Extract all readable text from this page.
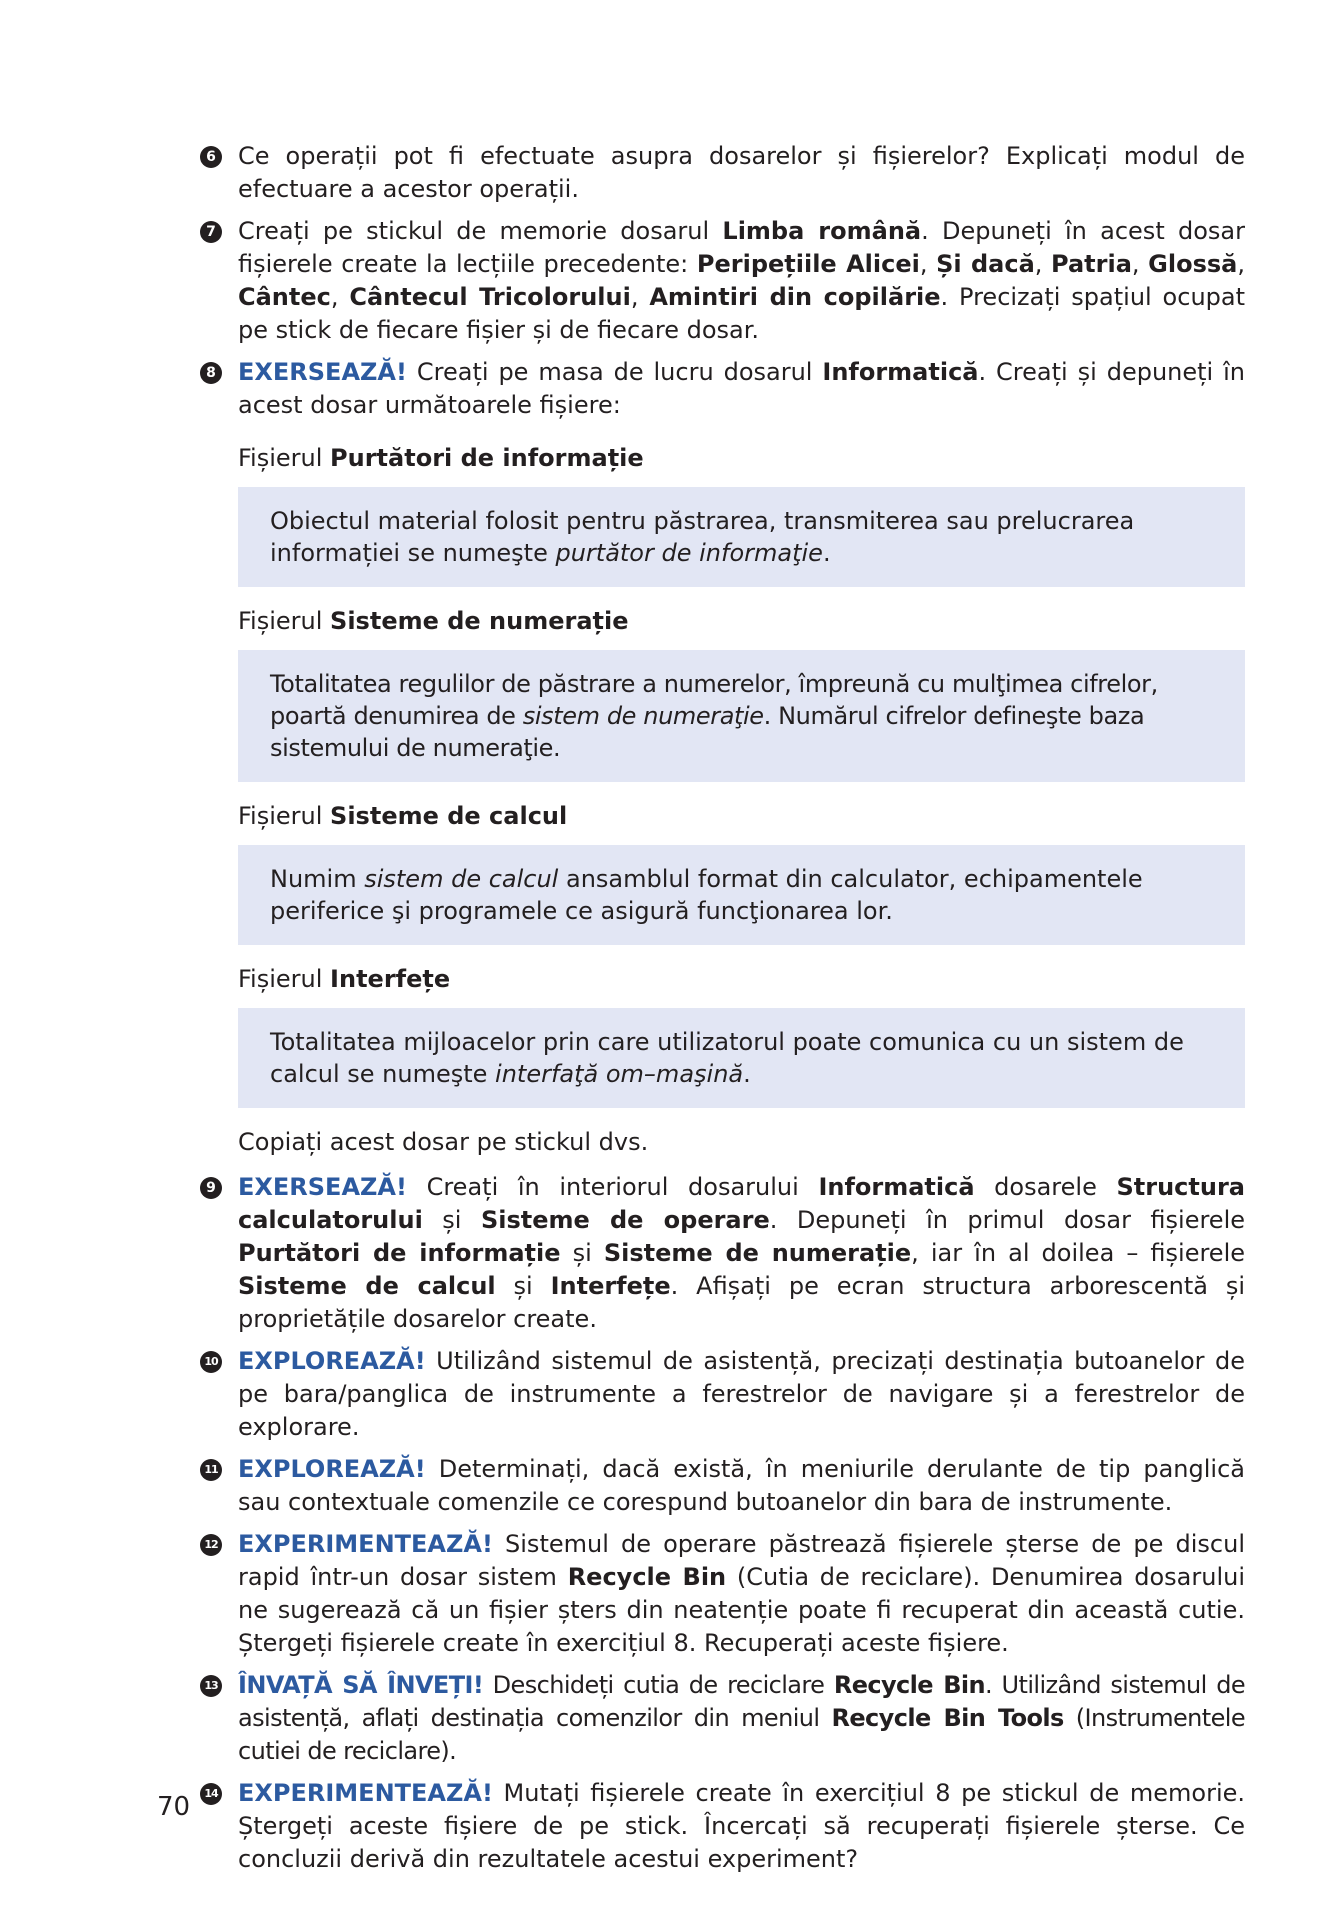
6 Ce operații pot fi efectuate asupra dosarelor și fișierelor? Explicați modul de efectuare a acestor operații.
7 Creați pe stickul de memorie dosarul Limba română. Depuneți în acest dosar fișierele create la lecțiile precedente: Peripețiile Alicei, Și dacă, Patria, Glossă, Cântec, Cântecul Tricolorului, Amintiri din copilărie. Precizați spațiul ocupat pe stick de fiecare fișier și de fiecare dosar.
8 EXERSEAZĂ! Creați pe masa de lucru dosarul Informatică. Creați și depuneți în acest dosar următoarele fișiere:
Fișierul Purtători de informație
Obiectul material folosit pentru păstrarea, transmiterea sau prelucrarea informației se numeşte purtător de informaţie.
Fișierul Sisteme de numerație
Totalitatea regulilor de păstrare a numerelor, împreună cu mulţimea cifrelor, poartă denumirea de sistem de numeraţie. Numărul cifrelor defineşte baza sistemului de numeraţie.
Fișierul Sisteme de calcul
Numim sistem de calcul ansamblul format din calculator, echipamentele periferice şi programele ce asigură funcţionarea lor.
Fișierul Interfețe
Totalitatea mijloacelor prin care utilizatorul poate comunica cu un sistem de calcul se numeşte interfaţă om–maşină.
Copiați acest dosar pe stickul dvs.
9 EXERSEAZĂ! Creați în interiorul dosarului Informatică dosarele Structura calculatorului și Sisteme de operare. Depuneți în primul dosar fișierele Purtători de informație și Sisteme de numerație, iar în al doilea – fișierele Sisteme de calcul și Interfețe. Afișați pe ecran structura arborescentă și proprietățile dosarelor create.
10 EXPLOREAZĂ! Utilizând sistemul de asistență, precizați destinația butoanelor de pe bara/panglica de instrumente a ferestrelor de navigare și a ferestrelor de explorare.
11 EXPLOREAZĂ! Determinați, dacă există, în meniurile derulante de tip panglică sau contextuale comenzile ce corespund butoanelor din bara de instrumente.
12 EXPERIMENTEAZĂ! Sistemul de operare păstrează fișierele șterse de pe discul rapid într-un dosar sistem Recycle Bin (Cutia de reciclare). Denumirea dosarului ne sugerează că un fișier șters din neatenție poate fi recuperat din această cutie. Ștergeți fișierele create în exercițiul 8. Recuperați aceste fișiere.
13 ÎNVAȚĂ SĂ ÎNVEȚI! Deschideți cutia de reciclare Recycle Bin. Utilizând sistemul de asistență, aflați destinația comenzilor din meniul Recycle Bin Tools (Instrumentele cutiei de reciclare).
14 EXPERIMENTEAZĂ! Mutați fișierele create în exercițiul 8 pe stickul de memorie. Ștergeți aceste fișiere de pe stick. Încercați să recuperați fișierele șterse. Ce concluzii derivă din rezultatele acestui experiment?
70
